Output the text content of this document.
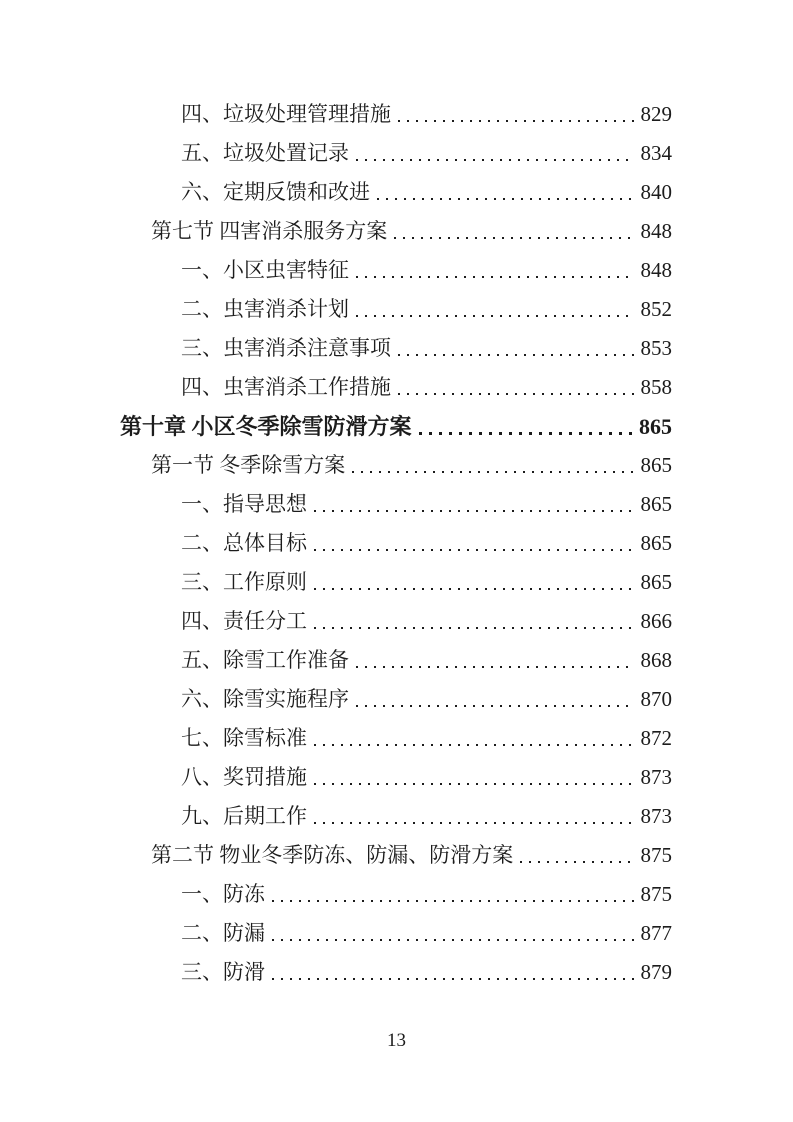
四、垃圾处理管理措施	829
五、垃圾处置记录	834
六、定期反馈和改进	840
第七节 四害消杀服务方案	848
一、小区虫害特征	848
二、虫害消杀计划	852
三、虫害消杀注意事项	853
四、虫害消杀工作措施	858
第十章 小区冬季除雪防滑方案	865
第一节 冬季除雪方案	865
一、指导思想	865
二、总体目标	865
三、工作原则	865
四、责任分工	866
五、除雪工作准备	868
六、除雪实施程序	870
七、除雪标准	872
八、奖罚措施	873
九、后期工作	873
第二节 物业冬季防冻、防漏、防滑方案	875
一、防冻	875
二、防漏	877
三、防滑	879
13
